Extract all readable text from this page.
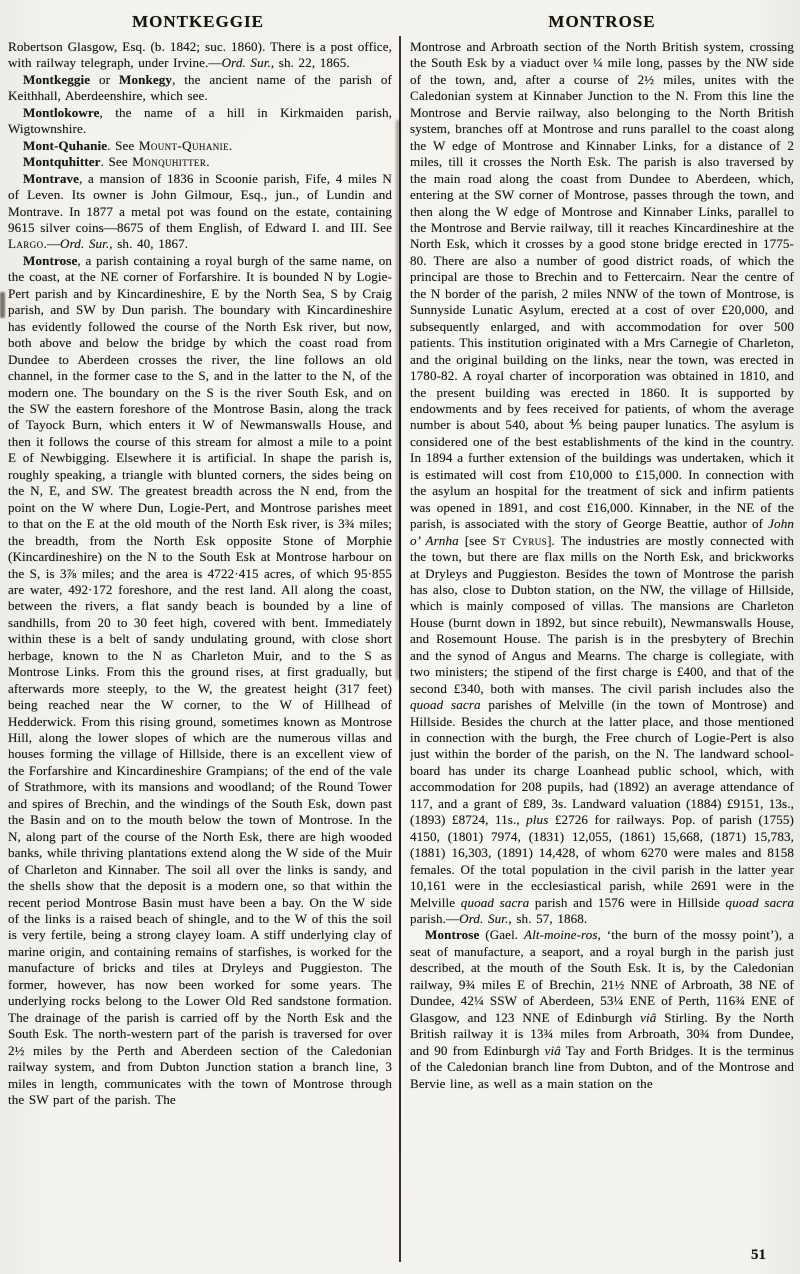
MONTKEGGIE	MONTROSE

Robertson Glasgow, Esq. (b. 1842; suc. 1860). There is a post office, with railway telegraph, under Irvine.—Ord. Sur., sh. 22, 1865.

Montkeggie or Monkegy, the ancient name of the parish of Keithhall, Aberdeenshire, which see.

Montlokowre, the name of a hill in Kirkmaiden parish, Wigtownshire.

Mont-Quhanie. See Mount-Quhanie.

Montquhitter. See Monquhitter.

Montrave, a mansion of 1836 in Scoonie parish, Fife, 4 miles N of Leven. Its owner is John Gilmour, Esq., jun., of Lundin and Montrave. In 1877 a metal pot was found on the estate, containing 9615 silver coins—8675 of them English, of Edward I. and III. See Largo.—Ord. Sur., sh. 40, 1867.

Montrose, a parish containing a royal burgh of the same name, on the coast, at the NE corner of Forfarshire. It is bounded N by Logie-Pert parish and by Kincardineshire, E by the North Sea, S by Craig parish, and SW by Dun parish. The boundary with Kincardineshire has evidently followed the course of the North Esk river, but now, both above and below the bridge by which the coast road from Dundee to Aberdeen crosses the river, the line follows an old channel, in the former case to the S, and in the latter to the N, of the modern one. The boundary on the S is the river South Esk, and on the SW the eastern foreshore of the Montrose Basin, along the track of Tayock Burn, which enters it W of Newmanswalls House, and then it follows the course of this stream for almost a mile to a point E of Newbigging. Elsewhere it is artificial. In shape the parish is, roughly speaking, a triangle with blunted corners, the sides being on the N, E, and SW. The greatest breadth across the N end, from the point on the W where Dun, Logie-Pert, and Montrose parishes meet to that on the E at the old mouth of the North Esk river, is 3¾ miles; the breadth, from the North Esk opposite Stone of Morphie (Kincardineshire) on the N to the South Esk at Montrose harbour on the S, is 3⅞ miles; and the area is 4722·415 acres, of which 95·855 are water, 492·172 foreshore, and the rest land. All along the coast, between the rivers, a flat sandy beach is bounded by a line of sandhills, from 20 to 30 feet high, covered with bent. Immediately within these is a belt of sandy undulating ground, with close short herbage, known to the N as Charleton Muir, and to the S as Montrose Links. From this the ground rises, at first gradually, but afterwards more steeply, to the W, the greatest height (317 feet) being reached near the W corner, to the W of Hillhead of Hedderwick. From this rising ground, sometimes known as Montrose Hill, along the lower slopes of which are the numerous villas and houses forming the village of Hillside, there is an excellent view of the Forfarshire and Kincardineshire Grampians; of the end of the vale of Strathmore, with its mansions and woodland; of the Round Tower and spires of Brechin, and the windings of the South Esk, down past the Basin and on to the mouth below the town of Montrose. In the N, along part of the course of the North Esk, there are high wooded banks, while thriving plantations extend along the W side of the Muir of Charleton and Kinnaber. The soil all over the links is sandy, and the shells show that the deposit is a modern one, so that within the recent period Montrose Basin must have been a bay. On the W side of the links is a raised beach of shingle, and to the W of this the soil is very fertile, being a strong clayey loam. A stiff underlying clay of marine origin, and containing remains of starfishes, is worked for the manufacture of bricks and tiles at Dryleys and Puggieston. The former, however, has now been worked for some years. The underlying rocks belong to the Lower Old Red sandstone formation. The drainage of the parish is carried off by the North Esk and the South Esk. The north-western part of the parish is traversed for over 2½ miles by the Perth and Aberdeen section of the Caledonian railway system, and from Dubton Junction station a branch line, 3 miles in length, communicates with the town of Montrose through the SW part of the parish. The

Montrose and Arbroath section of the North British system, crossing the South Esk by a viaduct over ¼ mile long, passes by the NW side of the town, and, after a course of 2½ miles, unites with the Caledonian system at Kinnaber Junction to the N. From this line the Montrose and Bervie railway, also belonging to the North British system, branches off at Montrose and runs parallel to the coast along the W edge of Montrose and Kinnaber Links, for a distance of 2 miles, till it crosses the North Esk. The parish is also traversed by the main road along the coast from Dundee to Aberdeen, which, entering at the SW corner of Montrose, passes through the town, and then along the W edge of Montrose and Kinnaber Links, parallel to the Montrose and Bervie railway, till it reaches Kincardineshire at the North Esk, which it crosses by a good stone bridge erected in 1775-80. There are also a number of good district roads, of which the principal are those to Brechin and to Fettercairn. Near the centre of the N border of the parish, 2 miles NNW of the town of Montrose, is Sunnyside Lunatic Asylum, erected at a cost of over £20,000, and subsequently enlarged, and with accommodation for over 500 patients. This institution originated with a Mrs Carnegie of Charleton, and the original building on the links, near the town, was erected in 1780-82. A royal charter of incorporation was obtained in 1810, and the present building was erected in 1860. It is supported by endowments and by fees received for patients, of whom the average number is about 540, about ⅘ being pauper lunatics. The asylum is considered one of the best establishments of the kind in the country. In 1894 a further extension of the buildings was undertaken, which it is estimated will cost from £10,000 to £15,000. In connection with the asylum an hospital for the treatment of sick and infirm patients was opened in 1891, and cost £16,000. Kinnaber, in the NE of the parish, is associated with the story of George Beattie, author of John o’ Arnha [see St Cyrus]. The industries are mostly connected with the town, but there are flax mills on the North Esk, and brickworks at Dryleys and Puggieston. Besides the town of Montrose the parish has also, close to Dubton station, on the NW, the village of Hillside, which is mainly composed of villas. The mansions are Charleton House (burnt down in 1892, but since rebuilt), Newmanswalls House, and Rosemount House. The parish is in the presbytery of Brechin and the synod of Angus and Mearns. The charge is collegiate, with two ministers; the stipend of the first charge is £400, and that of the second £340, both with manses. The civil parish includes also the quoad sacra parishes of Melville (in the town of Montrose) and Hillside. Besides the church at the latter place, and those mentioned in connection with the burgh, the Free church of Logie-Pert is also just within the border of the parish, on the N. The landward school-board has under its charge Loanhead public school, which, with accommodation for 208 pupils, had (1892) an average attendance of 117, and a grant of £89, 3s. Landward valuation (1884) £9151, 13s., (1893) £8724, 11s., plus £2726 for railways. Pop. of parish (1755) 4150, (1801) 7974, (1831) 12,055, (1861) 15,668, (1871) 15,783, (1881) 16,303, (1891) 14,428, of whom 6270 were males and 8158 females. Of the total population in the civil parish in the latter year 10,161 were in the ecclesiastical parish, while 2691 were in the Melville quoad sacra parish and 1576 were in Hillside quoad sacra parish.—Ord. Sur., sh. 57, 1868.

Montrose (Gael. Alt-moine-ros, ‘the burn of the mossy point’), a seat of manufacture, a seaport, and a royal burgh in the parish just described, at the mouth of the South Esk. It is, by the Caledonian railway, 9¾ miles E of Brechin, 21½ NNE of Arbroath, 38 NE of Dundee, 42¼ SSW of Aberdeen, 53¼ ENE of Perth, 116¾ ENE of Glasgow, and 123 NNE of Edinburgh viâ Stirling. By the North British railway it is 13¾ miles from Arbroath, 30¾ from Dundee, and 90 from Edinburgh viâ Tay and Forth Bridges. It is the terminus of the Caledonian branch line from Dubton, and of the Montrose and Bervie line, as well as a main station on the

51
